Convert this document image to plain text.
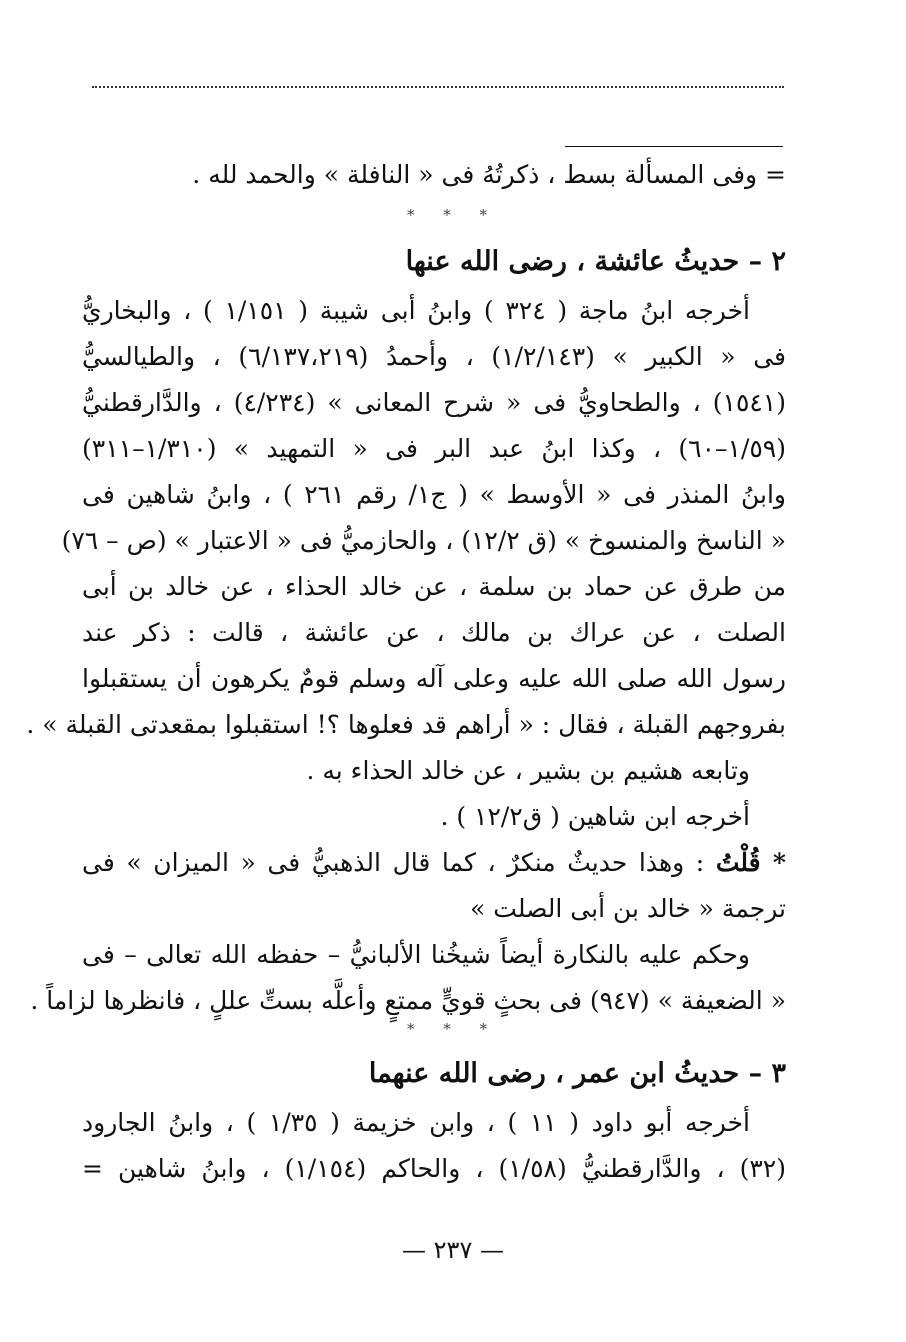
= وفى المسألة بسط ، ذكرتُهُ فى « النافلة » والحمد لله .
* * *
٢ – حديثُ عائشة ، رضى الله عنها
أخرجه ابنُ ماجة ( ٣٢٤ ) وابنُ أبى شيبة ( ١/١٥١ ) ، والبخاريُّ
فى « الكبير » (١/٢/١٤٣) ، وأحمدُ (٦/١٣٧،٢١٩) ، والطيالسيُّ
(١٥٤١) ، والطحاويُّ فى « شرح المعانى » (٤/٢٣٤) ، والدَّارقطنيُّ
(١/٥٩–٦٠) ، وكذا ابنُ عبد البر فى « التمهيد » (١/٣١٠–٣١١)
وابنُ المنذر فى « الأوسط » ( ج١/ رقم ٢٦١ ) ، وابنُ شاهين فى
« الناسخ والمنسوخ » (ق ١٢/٢) ، والحازميُّ فى « الاعتبار » (ص – ٧٦)
من طرق عن حماد بن سلمة ، عن خالد الحذاء ، عن خالد بن أبى
الصلت ، عن عراك بن مالك ، عن عائشة ، قالت : ذكر عند
رسول الله صلى الله عليه وعلى آله وسلم قومٌ يكرهون أن يستقبلوا
بفروجهم القبلة ، فقال : « أراهم قد فعلوها ؟! استقبلوا بمقعدتى القبلة » .
وتابعه هشيم بن بشير ، عن خالد الحذاء به .
أخرجه ابن شاهين ( ق١٢/٢ ) .
* قُلْتُ : وهذا حديثٌ منكرٌ ، كما قال الذهبيُّ فى « الميزان » فى
ترجمة « خالد بن أبى الصلت »
وحكم عليه بالنكارة أيضاً شيخُنا الألبانيُّ – حفظه الله تعالى – فى
« الضعيفة » (٩٤٧) فى بحثٍ قويٍّ ممتعٍ وأعلَّه بستِّ عللٍ ، فانظرها لزاماً .
* * *
٣ – حديثُ ابن عمر ، رضى الله عنهما
أخرجه أبو داود ( ١١ ) ، وابن خزيمة ( ١/٣٥ ) ، وابنُ الجارود
(٣٢) ، والدَّارقطنيُّ (١/٥٨) ، والحاكم (١/١٥٤) ، وابنُ شاهين =
— ٢٣٧ —
